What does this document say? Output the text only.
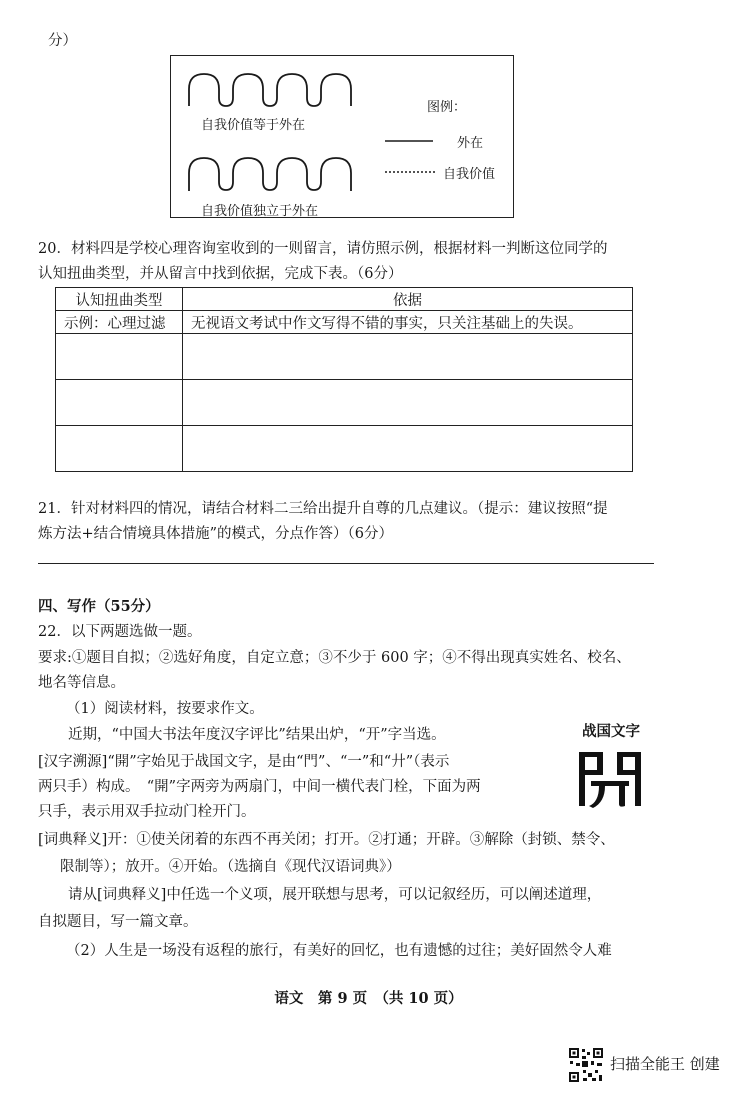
分）
自我价值等于外在
自我价值独立于外在
图例：
外在
自我价值
20．材料四是学校心理咨询室收到的一则留言，请仿照示例，根据材料一判断这位同学的
认知扭曲类型，并从留言中找到依据，完成下表。（6分）
认知扭曲类型	依据
示例：心理过滤	无视语文考试中作文写得不错的事实，只关注基础上的失误。

21．针对材料四的情况，请结合材料二三给出提升自尊的几点建议。（提示：建议按照“提
炼方法+结合情境具体措施”的模式，分点作答）（6分）
四、写作（55分）
22．以下两题选做一题。
要求:①题目自拟；②选好角度，自定立意；③不少于 600 字；④不得出现真实姓名、校名、
地名等信息。
（1）阅读材料，按要求作文。
近期，“中国大书法年度汉字评比”结果出炉，“开”字当选。
[汉字溯源]“開”字始见于战国文字，是由“門”、“一”和“廾”（表示
两只手）构成。　“開”字两旁为两扇门，中间一横代表门栓，下面为两
只手，表示用双手拉动门栓开门。
[词典释义]开：①使关闭着的东西不再关闭；打开。②打通；开辟。③解除（封锁、禁令、
限制等）；放开。④开始。（选摘自《现代汉语词典》）
请从[词典释义]中任选一个义项，展开联想与思考，可以记叙经历，可以阐述道理，
自拟题目，写一篇文章。
（2）人生是一场没有返程的旅行，有美好的回忆，也有遗憾的过往；美好固然令人难
战国文字
语文　第 9 页　（共 10 页）
扫描全能王 创建
